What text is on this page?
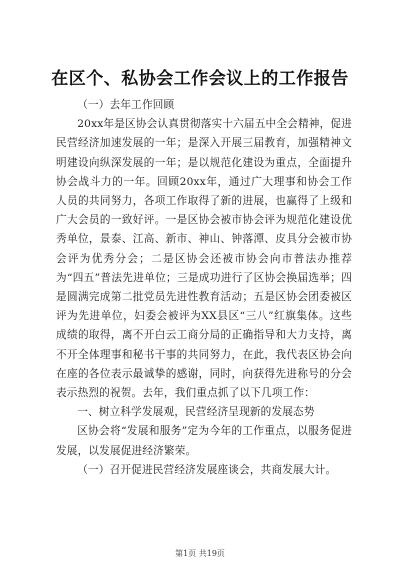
在区个、私协会工作会议上的工作报告

（一）去年工作回顾

20xx年是区协会认真贯彻落实十六届五中全会精神，促进民营经济加速发展的一年；是深入开展三届教育，加强精神文明建设向纵深发展的一年；是以规范化建设为重点，全面提升协会战斗力的一年。回顾20xx年，通过广大理事和协会工作人员的共同努力，各项工作取得了新的进展，也赢得了上级和广大会员的一致好评。一是区协会被市协会评为规范化建设优秀单位，景泰、江高、新市、神山、钟落潭、皮具分会被市协会评为优秀分会；二是区协会还被市协会向市普法办推荐为“四五”普法先进单位；三是成功进行了区协会换届选举；四是圆满完成第二批党员先进性教育活动；五是区协会团委被区评为先进单位，妇委会被评为XX县区“三八”红旗集体。这些成绩的取得，离不开白云工商分局的正确指导和大力支持，离不开全体理事和秘书干事的共同努力，在此，我代表区协会向在座的各位表示最诚挚的感谢，同时，向获得先进称号的分会表示热烈的祝贺。去年，我们重点抓了以下几项工作：

一、树立科学发展观，民营经济呈现新的发展态势

区协会将“发展和服务”定为今年的工作重点，以服务促进发展，以发展促进经济繁荣。

（一）召开促进民营经济发展座谈会，共商发展大计。

第1页 共19页
